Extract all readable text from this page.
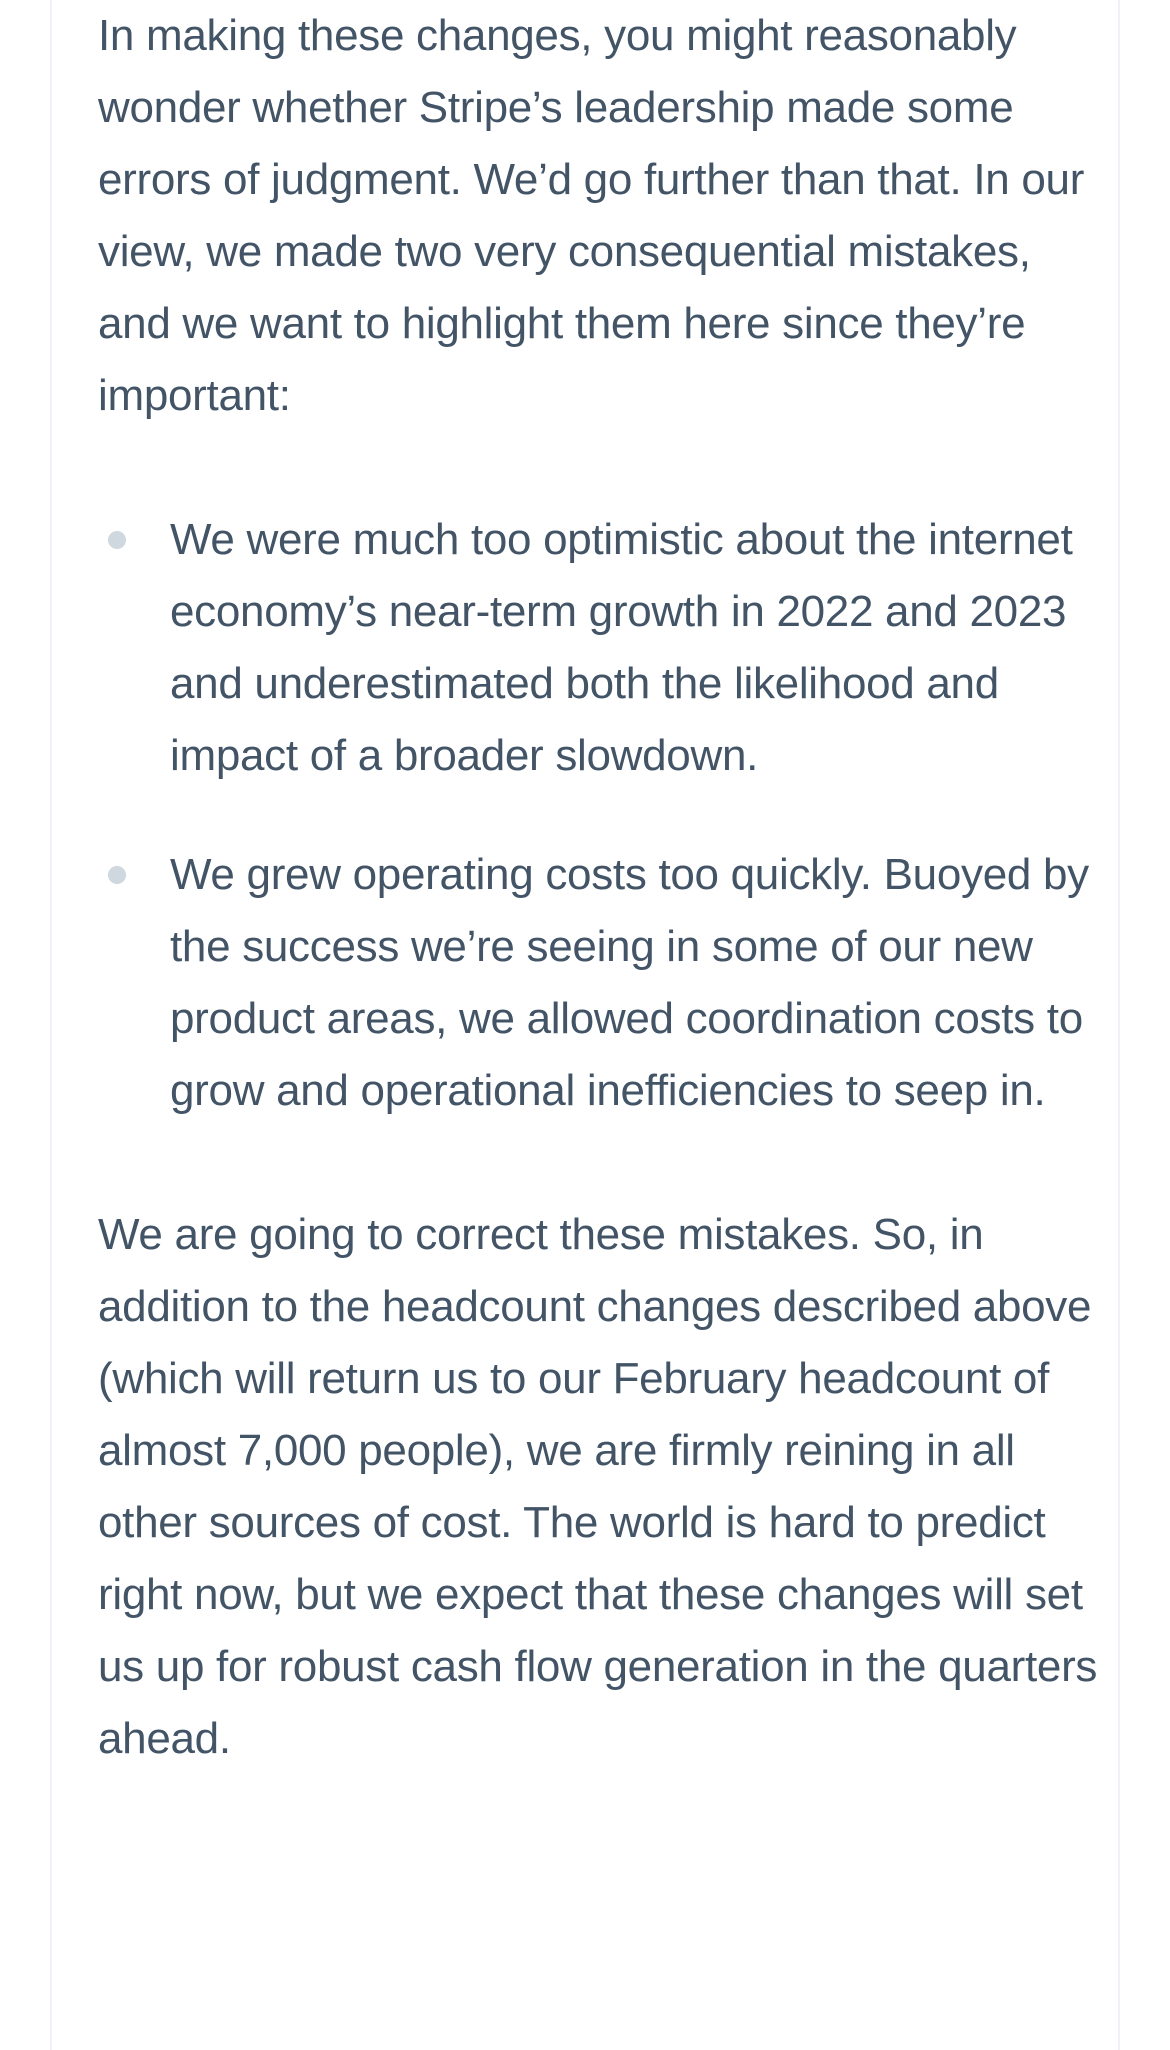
In making these changes, you might reasonably wonder whether Stripe’s leadership made some errors of judgment. We’d go further than that. In our view, we made two very consequential mistakes, and we want to highlight them here since they’re important:

We were much too optimistic about the internet economy’s near-term growth in 2022 and 2023 and underestimated both the likelihood and impact of a broader slowdown.

We grew operating costs too quickly. Buoyed by the success we’re seeing in some of our new product areas, we allowed coordination costs to grow and operational inefficiencies to seep in.

We are going to correct these mistakes. So, in addition to the headcount changes described above (which will return us to our February headcount of almost 7,000 people), we are firmly reining in all other sources of cost. The world is hard to predict right now, but we expect that these changes will set us up for robust cash flow generation in the quarters ahead.
